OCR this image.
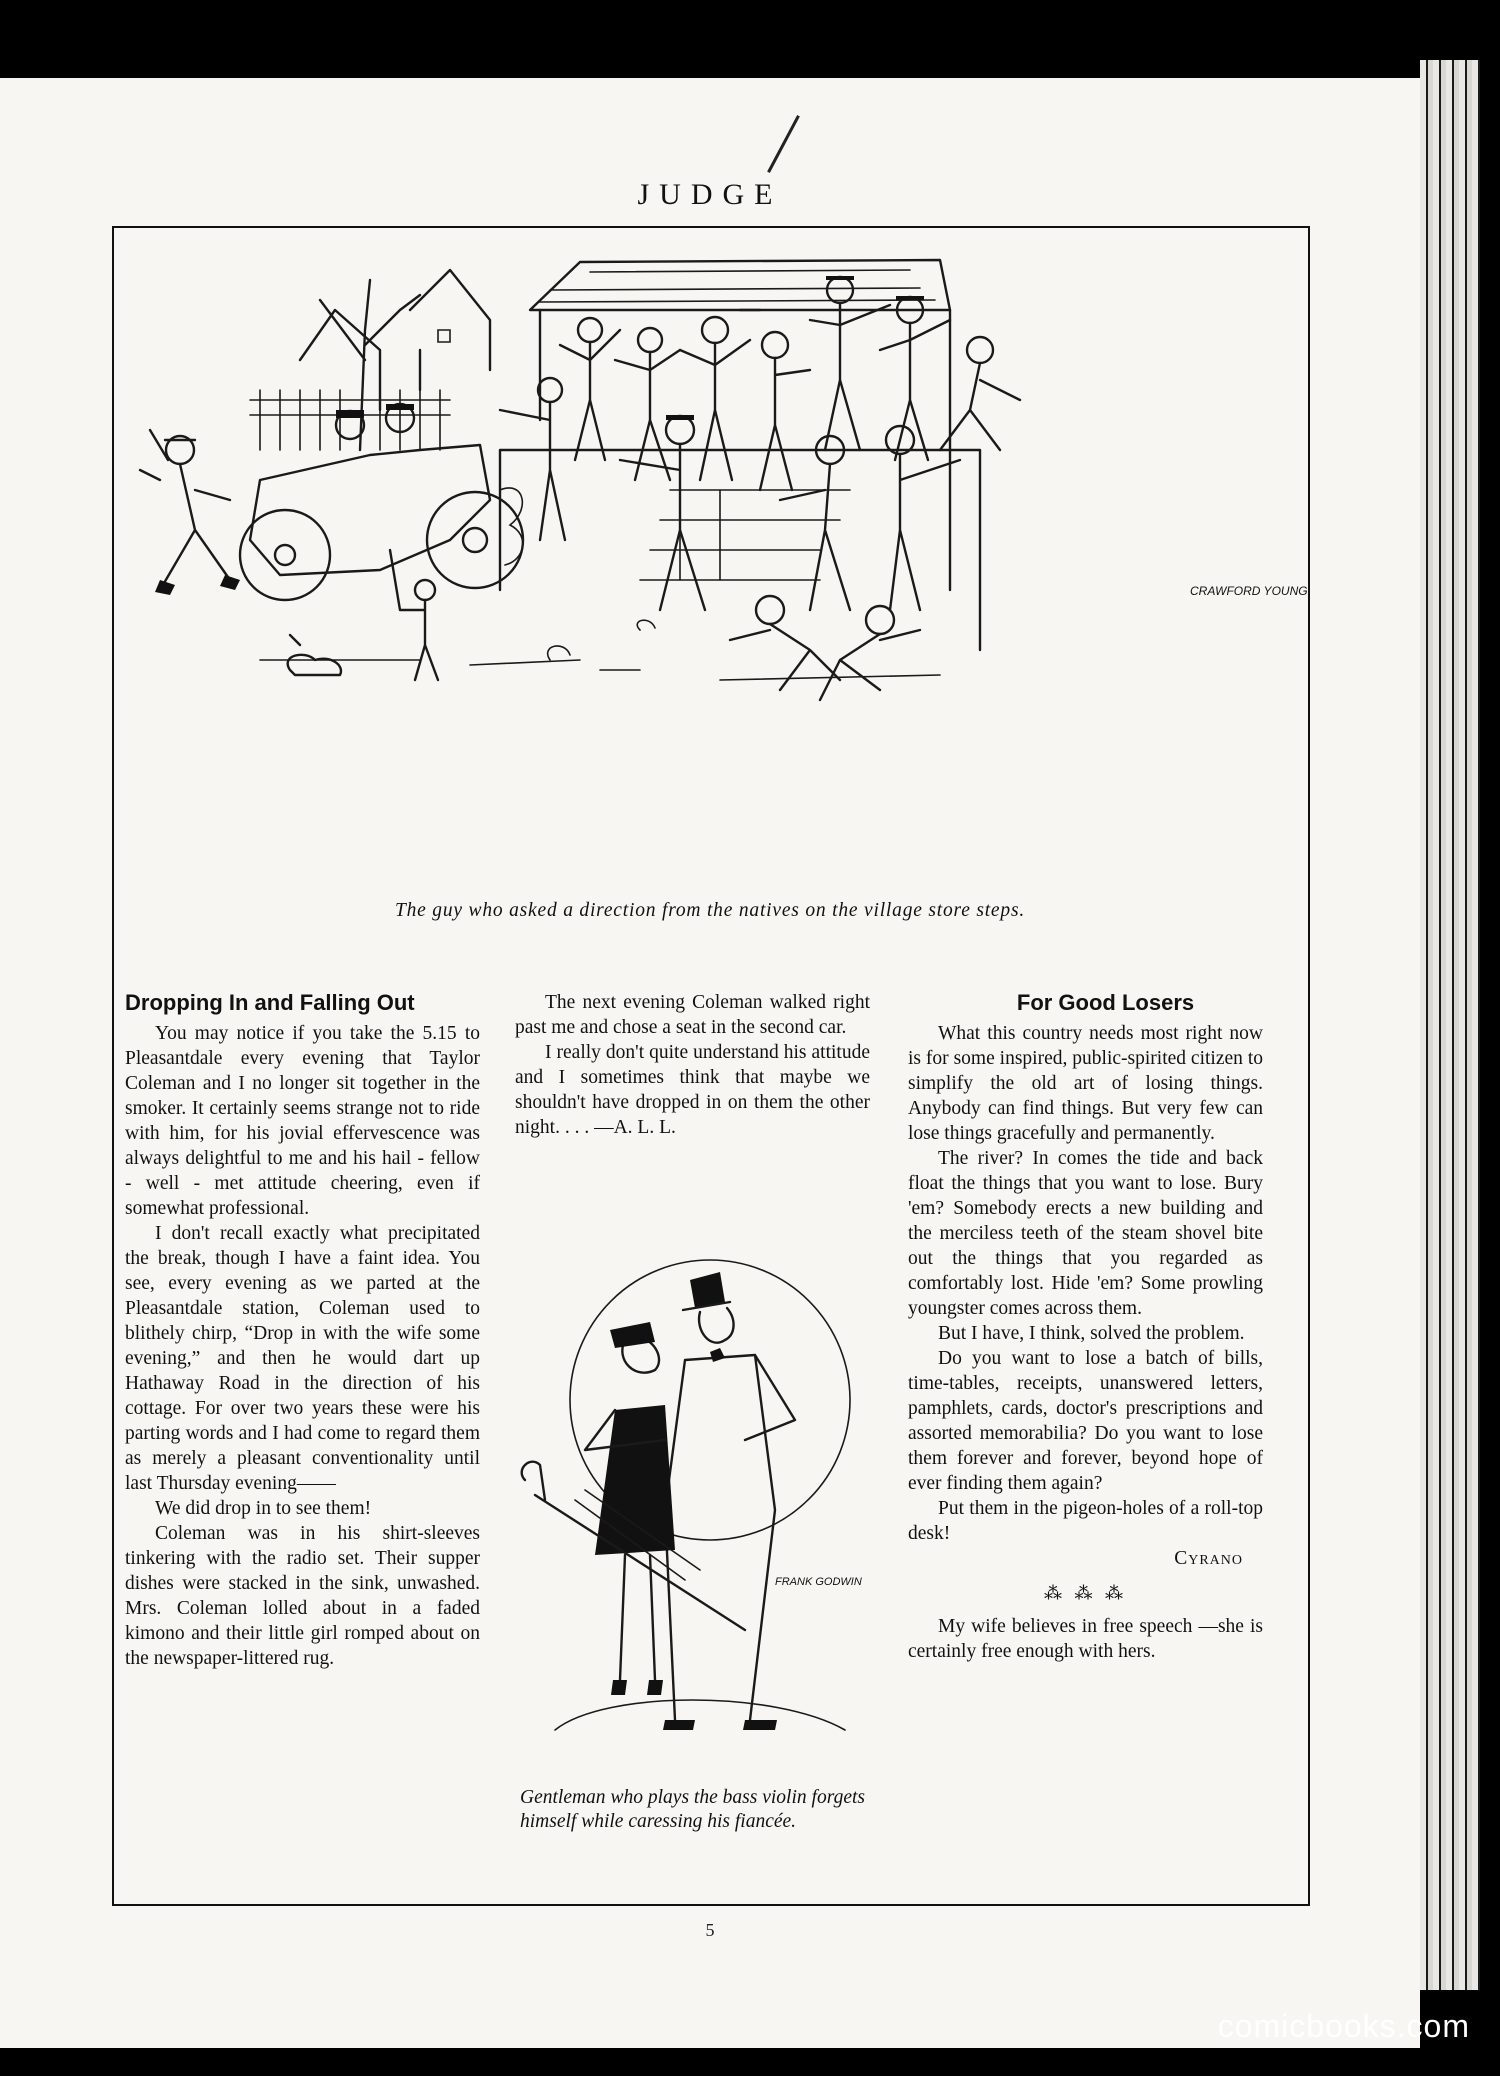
JUDGE
CRAWFORD YOUNG
The guy who asked a direction from the natives on the village store steps.
Dropping In and Falling Out

You may notice if you take the 5.15 to Pleasantdale every evening that Taylor Coleman and I no longer sit together in the smoker. It certainly seems strange not to ride with him, for his jovial effervescence was always delightful to me and his hail - fellow - well - met attitude cheering, even if somewhat professional.

I don't recall exactly what precipitated the break, though I have a faint idea. You see, every evening as we parted at the Pleasantdale station, Coleman used to blithely chirp, “Drop in with the wife some evening,” and then he would dart up Hathaway Road in the direction of his cottage. For over two years these were his parting words and I had come to regard them as merely a pleasant conventionality until last Thursday evening——

We did drop in to see them!

Coleman was in his shirt-sleeves tinkering with the radio set. Their supper dishes were stacked in the sink, unwashed. Mrs. Coleman lolled about in a faded kimono and their little girl romped about on the newspaper-littered rug.

The next evening Coleman walked right past me and chose a seat in the second car.

I really don't quite understand his attitude and I sometimes think that maybe we shouldn't have dropped in on them the other night. . . . —A. L. L.

FRANK GODWIN
Gentleman who plays the bass violin forgets himself while caressing his fiancée.
For Good Losers

What this country needs most right now is for some inspired, public-spirited citizen to simplify the old art of losing things. Anybody can find things. But very few can lose things gracefully and permanently.

The river? In comes the tide and back float the things that you want to lose. Bury 'em? Somebody erects a new building and the merciless teeth of the steam shovel bite out the things that you regarded as comfortably lost. Hide 'em? Some prowling youngster comes across them.

But I have, I think, solved the problem.

Do you want to lose a batch of bills, time-tables, receipts, unanswered letters, pamphlets, cards, doctor's prescriptions and assorted memorabilia? Do you want to lose them forever and forever, beyond hope of ever finding them again?

Put them in the pigeon-holes of a roll-top desk!

Cyrano
⁂ ⁂ ⁂

My wife believes in free speech —she is certainly free enough with hers.

5
comicbooks.com
